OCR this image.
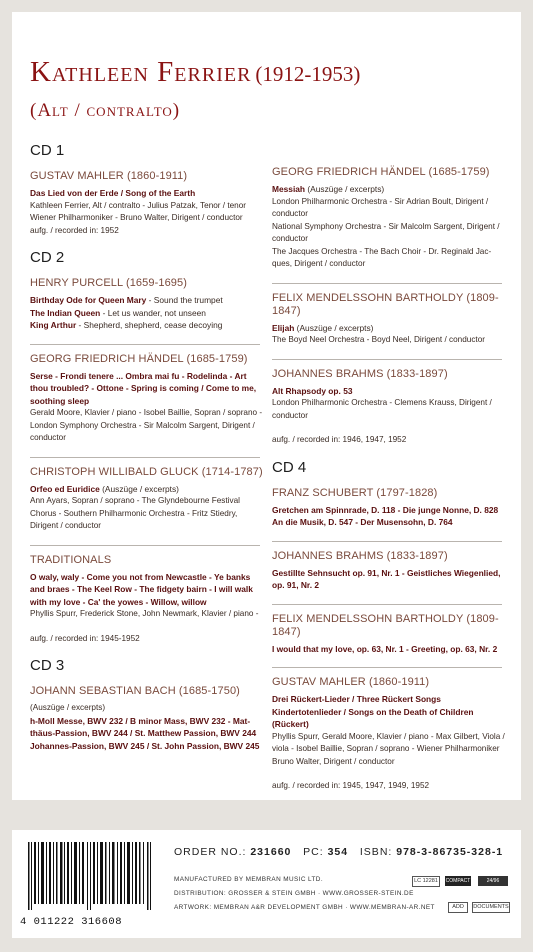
Kathleen Ferrier (1912-1953)
(Alt / contralto)
CD 1
GUSTAV MAHLER (1860-1911)
Das Lied von der Erde / Song of the Earth
Kathleen Ferrier, Alt / contralto - Julius Patzak, Tenor / tenor
Wiener Philharmoniker - Bruno Walter, Dirigent / conductor
aufg. / recorded in: 1952
CD 2
HENRY PURCELL (1659-1695)
Birthday Ode for Queen Mary - Sound the trumpet
The Indian Queen - Let us wander, not unseen
King Arthur - Shepherd, shepherd, cease decoying
GEORG FRIEDRICH HÄNDEL (1685-1759)
Serse - Frondi tenere ... Ombra mai fu - Rodelinda - Art
thou troubled? - Ottone - Spring is coming / Come to me,
soothing sleep
Gerald Moore, Klavier / piano - Isobel Baillie, Sopran / soprano -
London Symphony Orchestra - Sir Malcolm Sargent, Dirigent /
conductor
CHRISTOPH WILLIBALD GLUCK (1714-1787)
Orfeo ed Euridice (Auszüge / excerpts)
Ann Ayars, Sopran / soprano - The Glyndebourne Festival
Chorus - Southern Philharmonic Orchestra - Fritz Stiedry,
Dirigent / conductor
TRADITIONALS
O waly, waly - Come you not from Newcastle - Ye banks
and braes - The Keel Row - The fidgety bairn - I will walk
with my love - Ca' the yowes - Willow, willow
Phyllis Spurr, Frederick Stone, John Newmark, Klavier / piano -
aufg. / recorded in: 1945-1952
CD 3
JOHANN SEBASTIAN BACH (1685-1750)
(Auszüge / excerpts)
h-Moll Messe, BWV 232 / B minor Mass, BWV 232 - Mat-
thäus-Passion, BWV 244 / St. Matthew Passion, BWV 244
Johannes-Passion, BWV 245 / St. John Passion, BWV 245
GEORG FRIEDRICH HÄNDEL (1685-1759)
Messiah (Auszüge / excerpts)
London Philharmonic Orchestra - Sir Adrian Boult, Dirigent /
conductor
National Symphony Orchestra - Sir Malcolm Sargent, Dirigent /
conductor
The Jacques Orchestra - The Bach Choir - Dr. Reginald Jac-
ques, Dirigent / conductor
FELIX MENDELSSOHN BARTHOLDY (1809-1847)
Elijah (Auszüge / excerpts)
The Boyd Neel Orchestra - Boyd Neel, Dirigent / conductor
JOHANNES BRAHMS (1833-1897)
Alt Rhapsody op. 53
London Philharmonic Orchestra - Clemens Krauss, Dirigent /
conductor
aufg. / recorded in: 1946, 1947, 1952
CD 4
FRANZ SCHUBERT (1797-1828)
Gretchen am Spinnrade, D. 118 - Die junge Nonne, D. 828
An die Musik, D. 547 - Der Musensohn, D. 764
JOHANNES BRAHMS (1833-1897)
Gestillte Sehnsucht op. 91, Nr. 1 - Geistliches Wiegenlied,
op. 91, Nr. 2
FELIX MENDELSSOHN BARTHOLDY (1809-1847)
I would that my love, op. 63, Nr. 1 - Greeting, op. 63, Nr. 2
GUSTAV MAHLER (1860-1911)
Drei Rückert-Lieder / Three Rückert Songs
Kindertotenlieder / Songs on the Death of Children
(Rückert)
Phyllis Spurr, Gerald Moore, Klavier / piano - Max Gilbert, Viola /
viola - Isobel Baillie, Sopran / soprano - Wiener Philharmoniker
Bruno Walter, Dirigent / conductor
aufg. / recorded in: 1945, 1947, 1949, 1952
4 011222 316608
ORDER NO.: 231660 PC: 354 ISBN: 978-3-86735-328-1
MANUFACTURED BY MEMBRAN MUSIC LTD.
DISTRIBUTION: GROSSER & STEIN GMBH · WWW.GROSSER-STEIN.DE
ARTWORK: MEMBRAN A&R DEVELOPMENT GMBH · WWW.MEMBRAN-AR.NET
LC 12281	COMPACT DISC
24/96
ADD	DOCUMENTS
